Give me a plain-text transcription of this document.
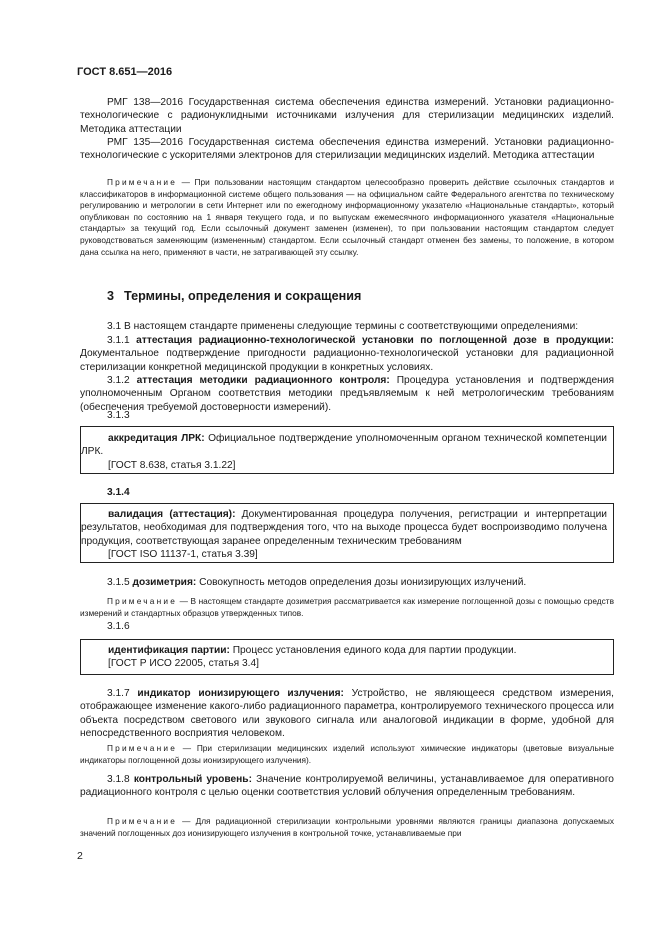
ГОСТ 8.651—2016
РМГ 138—2016 Государственная система обеспечения единства измерений. Установки радиационно-технологические с радионуклидными источниками излучения для стерилизации медицинских изделий. Методика аттестации
РМГ 135—2016 Государственная система обеспечения единства измерений. Установки радиационно-технологические с ускорителями электронов для стерилизации медицинских изделий. Методика аттестации
Примечание — При пользовании настоящим стандартом целесообразно проверить действие ссылочных стандартов и классификаторов в информационной системе общего пользования — на официальном сайте Федерального агентства по техническому регулированию и метрологии в сети Интернет или по ежегодному информационному указателю «Национальные стандарты», который опубликован по состоянию на 1 января текущего года, и по выпускам ежемесячного информационного указателя «Национальные стандарты» за текущий год. Если ссылочный документ заменен (изменен), то при пользовании настоящим стандартом следует руководствоваться заменяющим (измененным) стандартом. Если ссылочный стандарт отменен без замены, то положение, в котором дана ссылка на него, применяют в части, не затрагивающей эту ссылку.
3 Термины, определения и сокращения
3.1 В настоящем стандарте применены следующие термины с соответствующими определениями:
3.1.1 аттестация радиационно-технологической установки по поглощенной дозе в продукции: Документальное подтверждение пригодности радиационно-технологической установки для радиационной стерилизации конкретной медицинской продукции в конкретных условиях.
3.1.2 аттестация методики радиационного контроля: Процедура установления и подтверждения уполномоченным Органом соответствия методики предъявляемым к ней метрологическим требованиям (обеспечения требуемой достоверности измерений).
3.1.3
аккредитация ЛРК: Официальное подтверждение уполномоченным органом технической компетенции ЛРК.
[ГОСТ 8.638, статья 3.1.22]
3.1.4
валидация (аттестация): Документированная процедура получения, регистрации и интерпретации результатов, необходимая для подтверждения того, что на выходе процесса будет воспроизводимо получена продукция, соответствующая заранее определенным техническим требованиям
[ГОСТ ISO 11137-1, статья 3.39]
3.1.5 дозиметрия: Совокупность методов определения дозы ионизирующих излучений.
Примечание — В настоящем стандарте дозиметрия рассматривается как измерение поглощенной дозы с помощью средств измерений и стандартных образцов утвержденных типов.
3.1.6
идентификация партии: Процесс установления единого кода для партии продукции.
[ГОСТ Р ИСО 22005, статья 3.4]
3.1.7 индикатор ионизирующего излучения: Устройство, не являющееся средством измерения, отображающее изменение какого-либо радиационного параметра, контролируемого технического процесса или объекта посредством светового или звукового сигнала или аналоговой индикации в форме, удобной для непосредственного восприятия человеком.
Примечание — При стерилизации медицинских изделий используют химические индикаторы (цветовые визуальные индикаторы поглощенной дозы ионизирующего излучения).
3.1.8 контрольный уровень: Значение контролируемой величины, устанавливаемое для оперативного радиационного контроля с целью оценки соответствия условий облучения определенным требованиям.
Примечание — Для радиационной стерилизации контрольными уровнями являются границы диапазона допускаемых значений поглощенных доз ионизирующего излучения в контрольной точке, устанавливаемые при
2
